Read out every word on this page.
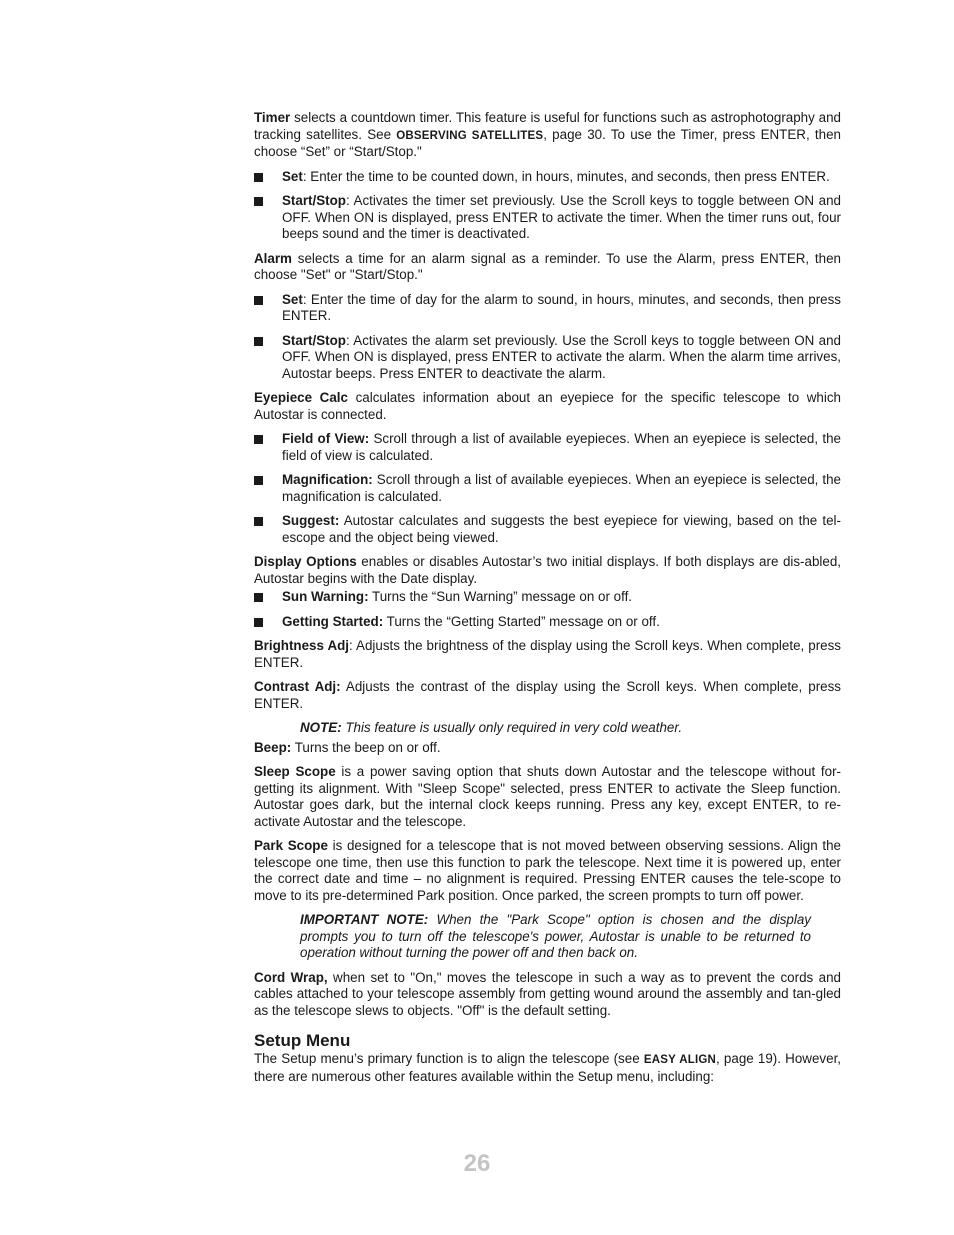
Timer selects a countdown timer. This feature is useful for functions such as astrophotography and tracking satellites. See OBSERVING SATELLITES, page 30. To use the Timer, press ENTER, then choose “Set” or “Start/Stop."

Set: Enter the time to be counted down, in hours, minutes, and seconds, then press ENTER.

Start/Stop: Activates the timer set previously. Use the Scroll keys to toggle between ON and OFF. When ON is displayed, press ENTER to activate the timer. When the timer runs out, four beeps sound and the timer is deactivated.

Alarm selects a time for an alarm signal as a reminder. To use the Alarm, press ENTER, then choose "Set" or "Start/Stop."

Set: Enter the time of day for the alarm to sound, in hours, minutes, and seconds, then press ENTER.

Start/Stop: Activates the alarm set previously. Use the Scroll keys to toggle between ON and OFF. When ON is displayed, press ENTER to activate the alarm. When the alarm time arrives, Autostar beeps. Press ENTER to deactivate the alarm.

Eyepiece Calc calculates information about an eyepiece for the specific telescope to which Autostar is connected.

Field of View: Scroll through a list of available eyepieces. When an eyepiece is selected, the field of view is calculated.

Magnification: Scroll through a list of available eyepieces. When an eyepiece is selected, the magnification is calculated.

Suggest: Autostar calculates and suggests the best eyepiece for viewing, based on the tel-escope and the object being viewed.

Display Options enables or disables Autostar’s two initial displays. If both displays are dis-abled, Autostar begins with the Date display.

Sun Warning: Turns the “Sun Warning” message on or off.

Getting Started: Turns the “Getting Started” message on or off.

Brightness Adj: Adjusts the brightness of the display using the Scroll keys. When complete, press ENTER.

Contrast Adj: Adjusts the contrast of the display using the Scroll keys. When complete, press ENTER.

NOTE: This feature is usually only required in very cold weather.

Beep: Turns the beep on or off.

Sleep Scope is a power saving option that shuts down Autostar and the telescope without for-getting its alignment. With "Sleep Scope" selected, press ENTER to activate the Sleep function. Autostar goes dark, but the internal clock keeps running. Press any key, except ENTER, to re-activate Autostar and the telescope.

Park Scope is designed for a telescope that is not moved between observing sessions. Align the telescope one time, then use this function to park the telescope. Next time it is powered up, enter the correct date and time – no alignment is required. Pressing ENTER causes the tele-scope to move to its pre-determined Park position. Once parked, the screen prompts to turn off power.

IMPORTANT NOTE: When the "Park Scope" option is chosen and the display prompts you to turn off the telescope's power, Autostar is unable to be returned to operation without turning the power off and then back on.

Cord Wrap, when set to "On," moves the telescope in such a way as to prevent the cords and cables attached to your telescope assembly from getting wound around the assembly and tan-gled as the telescope slews to objects. "Off" is the default setting.

Setup Menu

The Setup menu’s primary function is to align the telescope (see EASY ALIGN, page 19). However, there are numerous other features available within the Setup menu, including:

26
